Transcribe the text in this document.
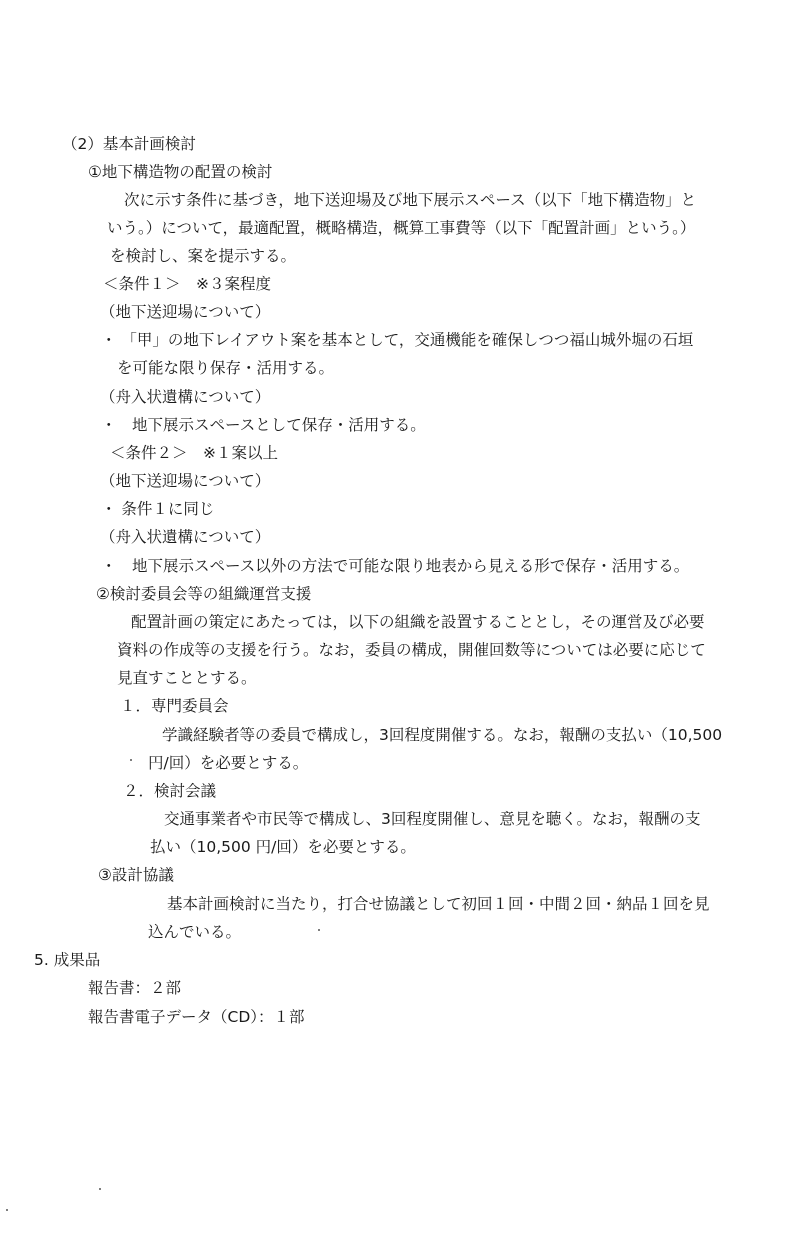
（2）基本計画検討
①地下構造物の配置の検討
次に示す条件に基づき，地下送迎場及び地下展示スペース（以下「地下構造物」と
いう。）について，最適配置，概略構造，概算工事費等（以下「配置計画」という。）
を検討し、案を提示する。
＜条件１＞　※３案程度
（地下送迎場について）
・ 「甲」の地下レイアウト案を基本として，交通機能を確保しつつ福山城外堀の石垣
を可能な限り保存・活用する。
（舟入状遺構について）
・　地下展示スペースとして保存・活用する。
＜条件２＞　※１案以上
（地下送迎場について）
・ 条件１に同じ
（舟入状遺構について）
・　地下展示スペース以外の方法で可能な限り地表から見える形で保存・活用する。
②検討委員会等の組織運営支援
配置計画の策定にあたっては，以下の組織を設置することとし，その運営及び必要
資料の作成等の支援を行う。なお，委員の構成，開催回数等については必要に応じて
見直すこととする。
１．専門委員会
学識経験者等の委員で構成し，3回程度開催する。なお，報酬の支払い（10,500
円/回）を必要とする。
２．検討会議
交通事業者や市民等で構成し、3回程度開催し、意見を聴く。なお，報酬の支
払い（10,500 円/回）を必要とする。
③設計協議
基本計画検討に当たり，打合せ協議として初回１回・中間２回・納品１回を見
込んでいる。
5. 成果品
報告書：２部
報告書電子データ（CD）：１部
